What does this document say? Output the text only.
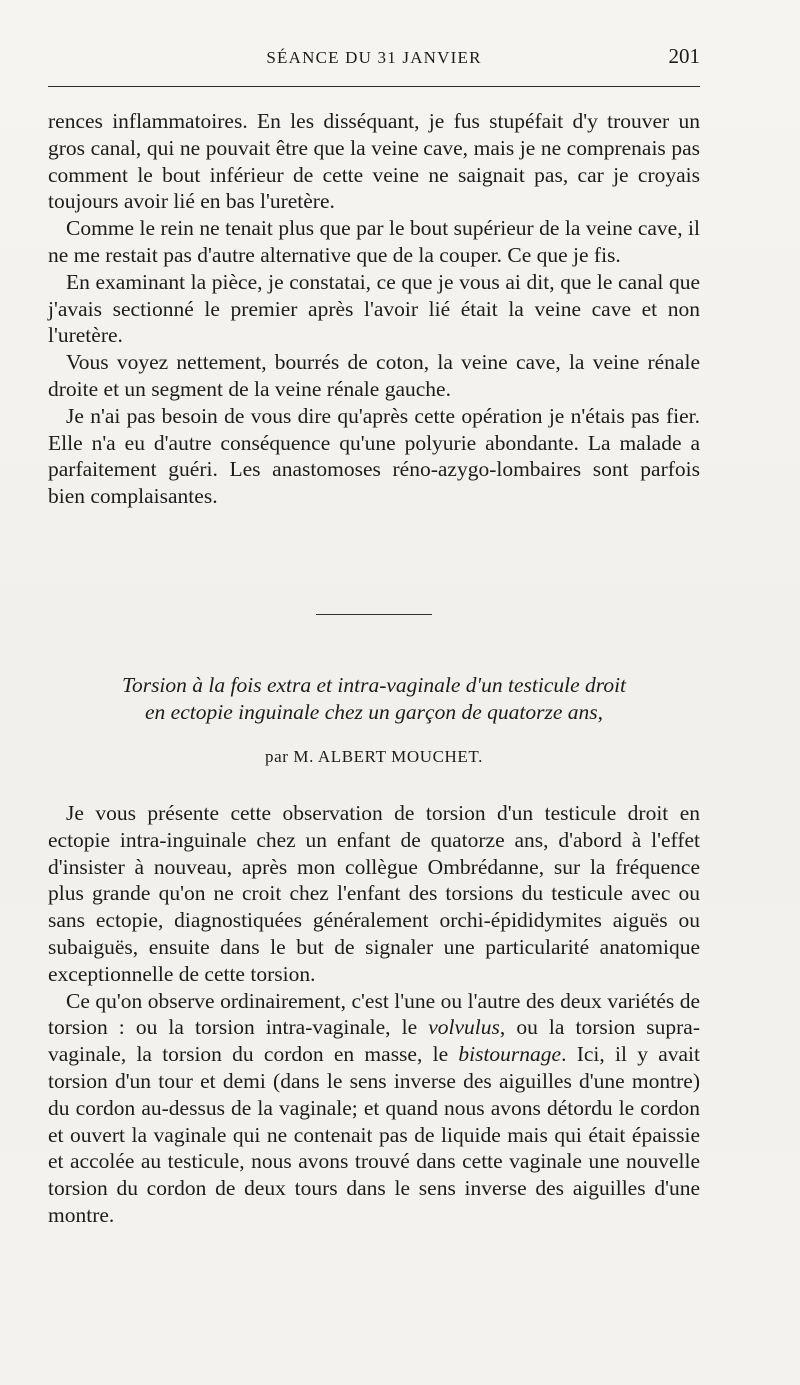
SÉANCE DU 31 JANVIER	201

rences inflammatoires. En les disséquant, je fus stupéfait d'y trouver un gros canal, qui ne pouvait être que la veine cave, mais je ne comprenais pas comment le bout inférieur de cette veine ne saignait pas, car je croyais toujours avoir lié en bas l'uretère.

Comme le rein ne tenait plus que par le bout supérieur de la veine cave, il ne me restait pas d'autre alternative que de la couper. Ce que je fis.

En examinant la pièce, je constatai, ce que je vous ai dit, que le canal que j'avais sectionné le premier après l'avoir lié était la veine cave et non l'uretère.

Vous voyez nettement, bourrés de coton, la veine cave, la veine rénale droite et un segment de la veine rénale gauche.

Je n'ai pas besoin de vous dire qu'après cette opération je n'étais pas fier. Elle n'a eu d'autre conséquence qu'une polyurie abondante. La malade a parfaitement guéri. Les anastomoses réno-azygo-lombaires sont parfois bien complaisantes.

Torsion à la fois extra et intra-vaginale d'un testicule droit
en ectopie inguinale chez un garçon de quatorze ans,
par M. ALBERT MOUCHET.

Je vous présente cette observation de torsion d'un testicule droit en ectopie intra-inguinale chez un enfant de quatorze ans, d'abord à l'effet d'insister à nouveau, après mon collègue Ombrédanne, sur la fréquence plus grande qu'on ne croit chez l'enfant des torsions du testicule avec ou sans ectopie, diagnostiquées généralement orchi-épididymites aiguës ou subaiguës, ensuite dans le but de signaler une particularité anatomique exceptionnelle de cette torsion.

Ce qu'on observe ordinairement, c'est l'une ou l'autre des deux variétés de torsion : ou la torsion intra-vaginale, le volvulus, ou la torsion supra-vaginale, la torsion du cordon en masse, le bistournage. Ici, il y avait torsion d'un tour et demi (dans le sens inverse des aiguilles d'une montre) du cordon au-dessus de la vaginale; et quand nous avons détordu le cordon et ouvert la vaginale qui ne contenait pas de liquide mais qui était épaissie et accolée au testicule, nous avons trouvé dans cette vaginale une nouvelle torsion du cordon de deux tours dans le sens inverse des aiguilles d'une montre.
